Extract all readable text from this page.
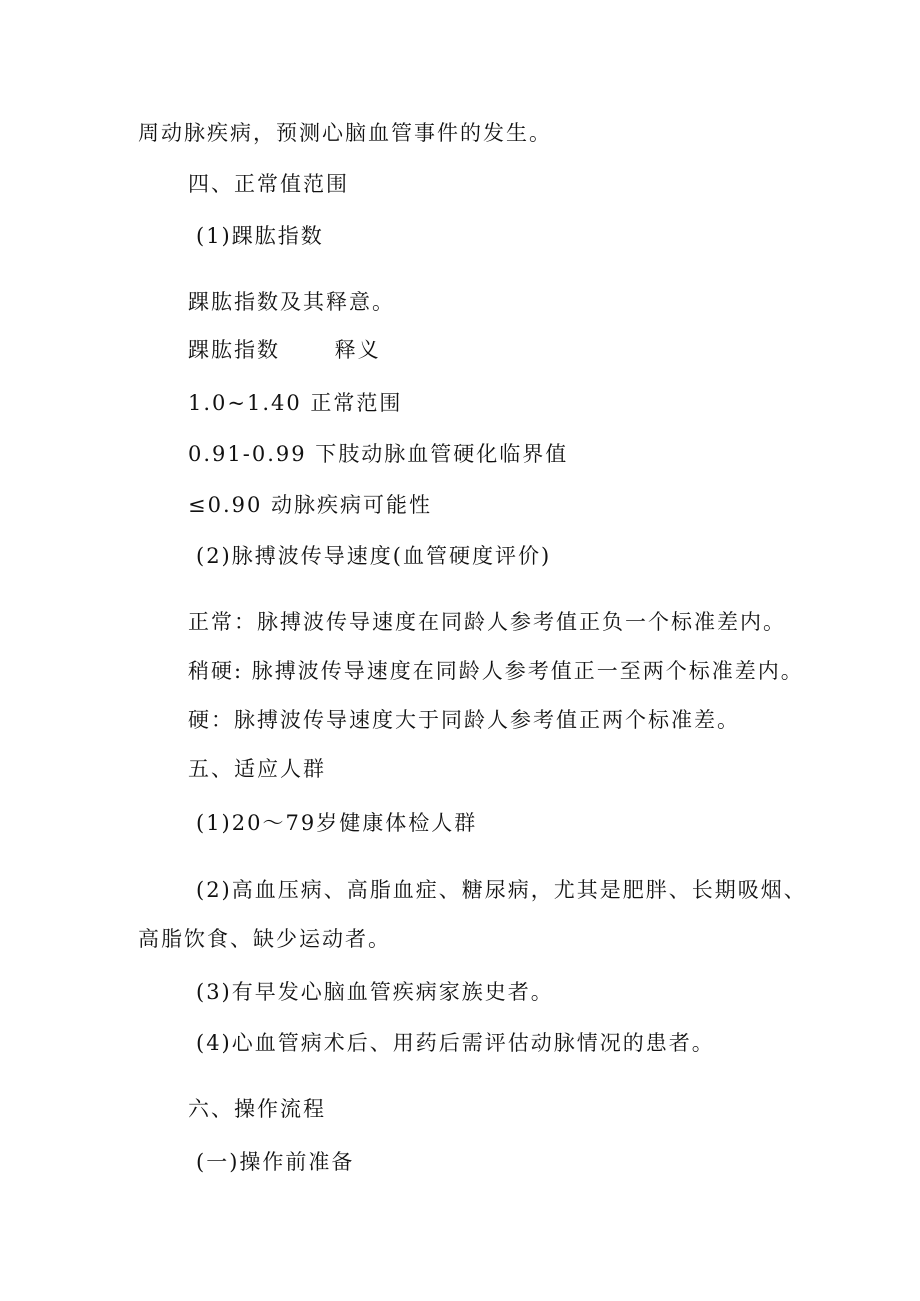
周动脉疾病，预测心脑血管事件的发生。
四、正常值范围
(1)踝肱指数
踝肱指数及其释意。
踝肱指数 　　释义
1.0~1.40 正常范围
0.91-0.99 下肢动脉血管硬化临界值
≤0.90 动脉疾病可能性
(2)脉搏波传导速度(血管硬度评价)
正常：脉搏波传导速度在同龄人参考值正负一个标准差内。
稍硬: 脉搏波传导速度在同龄人参考值正一至两个标准差内。
硬：脉搏波传导速度大于同龄人参考值正两个标准差。
五、适应人群
(1)20～79岁健康体检人群
(2)高血压病、高脂血症、糖尿病，尤其是肥胖、长期吸烟、
高脂饮食、缺少运动者。
(3)有早发心脑血管疾病家族史者。
(4)心血管病术后、用药后需评估动脉情况的患者。
六、操作流程
(一)操作前准备
